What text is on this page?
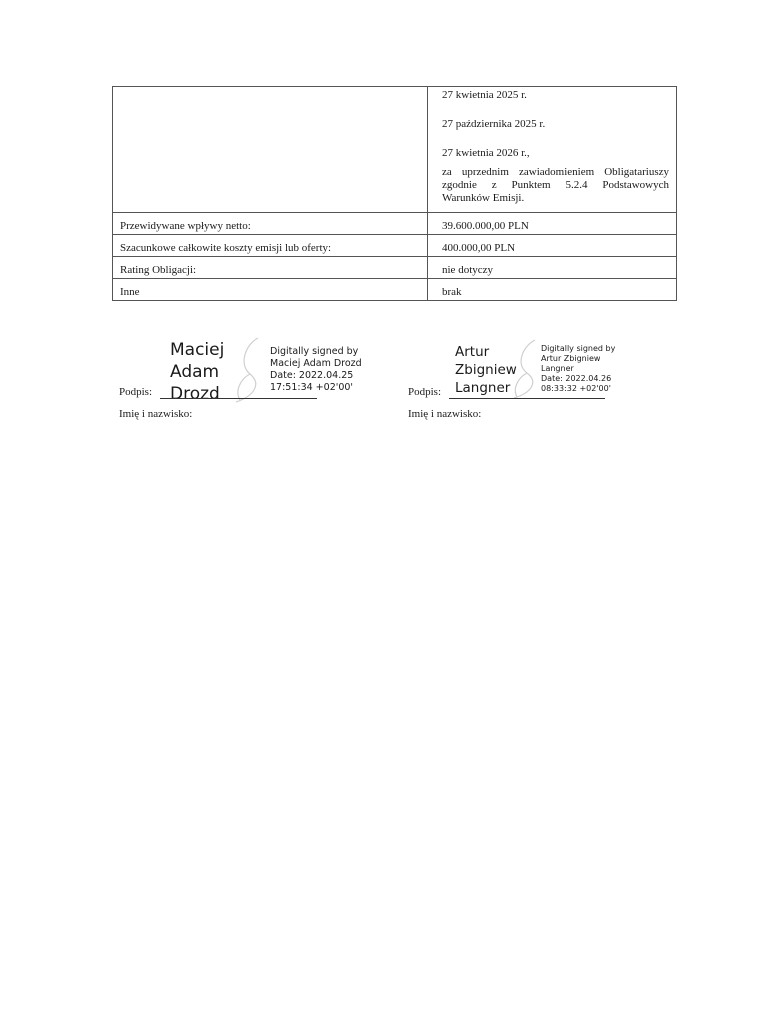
	27 kwietnia 2025 r.
27 października 2025 r.
27 kwietnia 2026 r.,
za uprzednim zawiadomieniem Obligatariuszy zgodnie z Punktem 5.2.4 Podstawowych Warunków Emisji.

Przewidywane wpływy netto:	39.600.000,00 PLN
Szacunkowe całkowite koszty emisji lub oferty:	400.000,00 PLN
Rating Obligacji:	nie dotyczy
Inne	brak
Maciej
Adam
Drozd
Digitally signed by
Maciej Adam Drozd
Date: 2022.04.25
17:51:34 +02'00'
Podpis:
Imię i nazwisko:
Artur
Zbigniew
Langner
Digitally signed by
Artur Zbigniew
Langner
Date: 2022.04.26
08:33:32 +02'00'
Podpis:
Imię i nazwisko:
